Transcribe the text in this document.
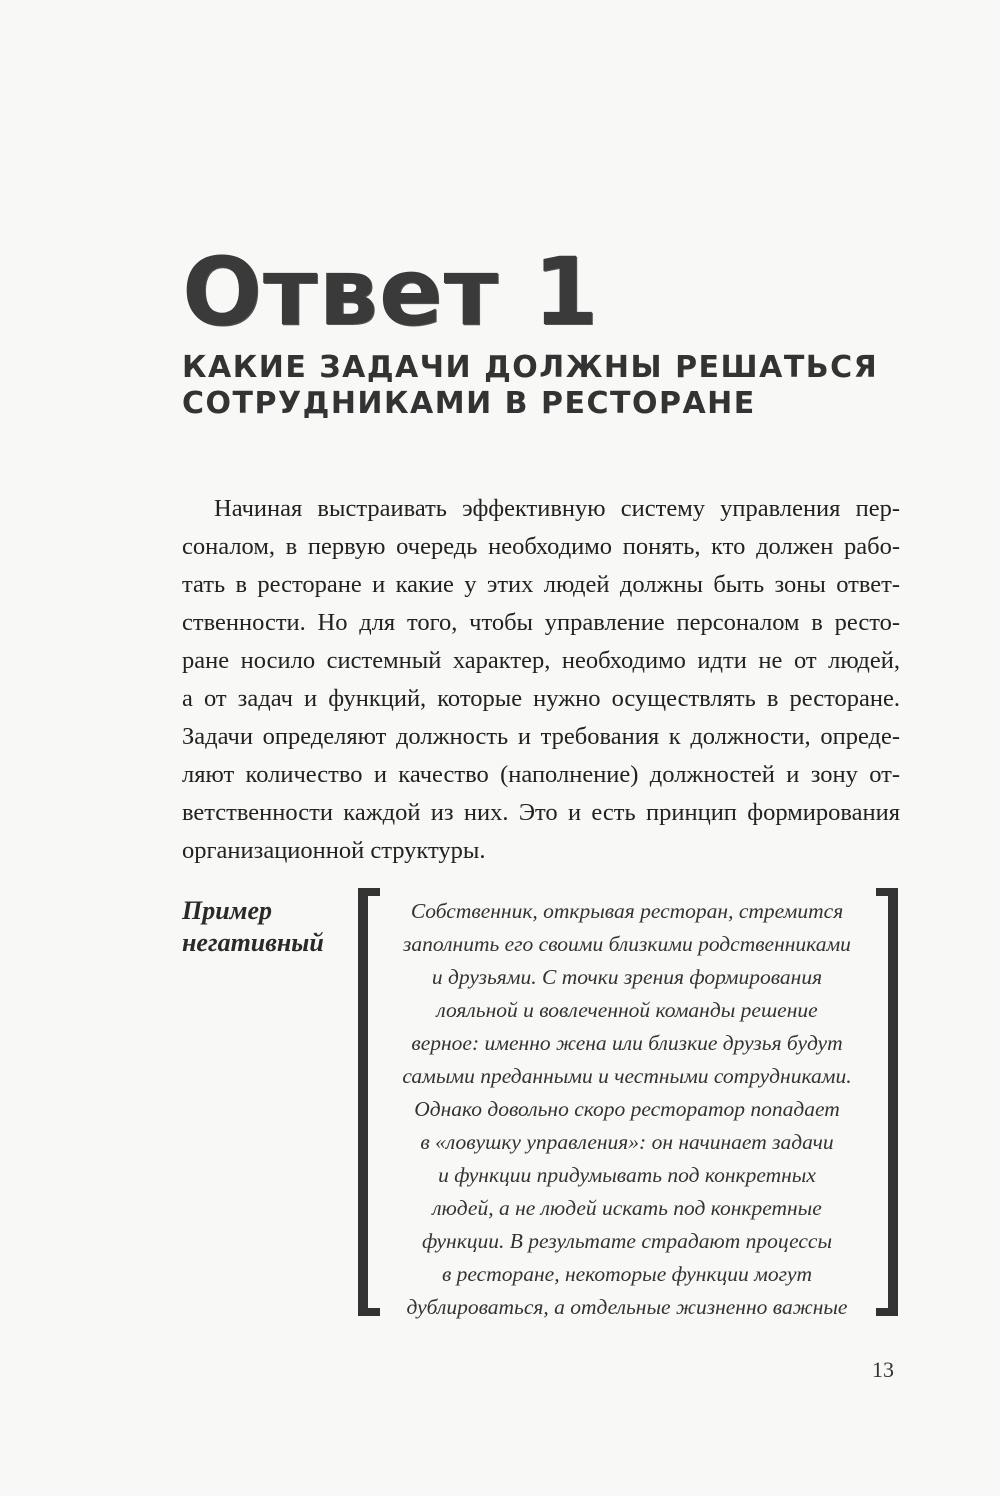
Ответ 1
КАКИЕ ЗАДАЧИ ДОЛЖНЫ РЕШАТЬСЯ
СОТРУДНИКАМИ В РЕСТОРАНЕ
Начиная выстраивать эффективную систему управления пер-
соналом, в первую очередь необходимо понять, кто должен рабо-
тать в ресторане и какие у этих людей должны быть зоны ответ-
ственности. Но для того, чтобы управление персоналом в ресто-
ране носило системный характер, необходимо идти не от людей,
а от задач и функций, которые нужно осуществлять в ресторане.
Задачи определяют должность и требования к должности, опреде-
ляют количество и качество (наполнение) должностей и зону от-
ветственности каждой из них. Это и есть принцип формирования
организационной структуры.
Пример
негативный
Собственник, открывая ресторан, стремится
заполнить его своими близкими родственниками
и друзьями. С точки зрения формирования
лояльной и вовлеченной команды решение
верное: именно жена или близкие друзья будут
самыми преданными и честными сотрудниками.
Однако довольно скоро ресторатор попадает
в «ловушку управления»: он начинает задачи
и функции придумывать под конкретных
людей, а не людей искать под конкретные
функции. В результате страдают процессы
в ресторане, некоторые функции могут
дублироваться, а отдельные жизненно важные
13
